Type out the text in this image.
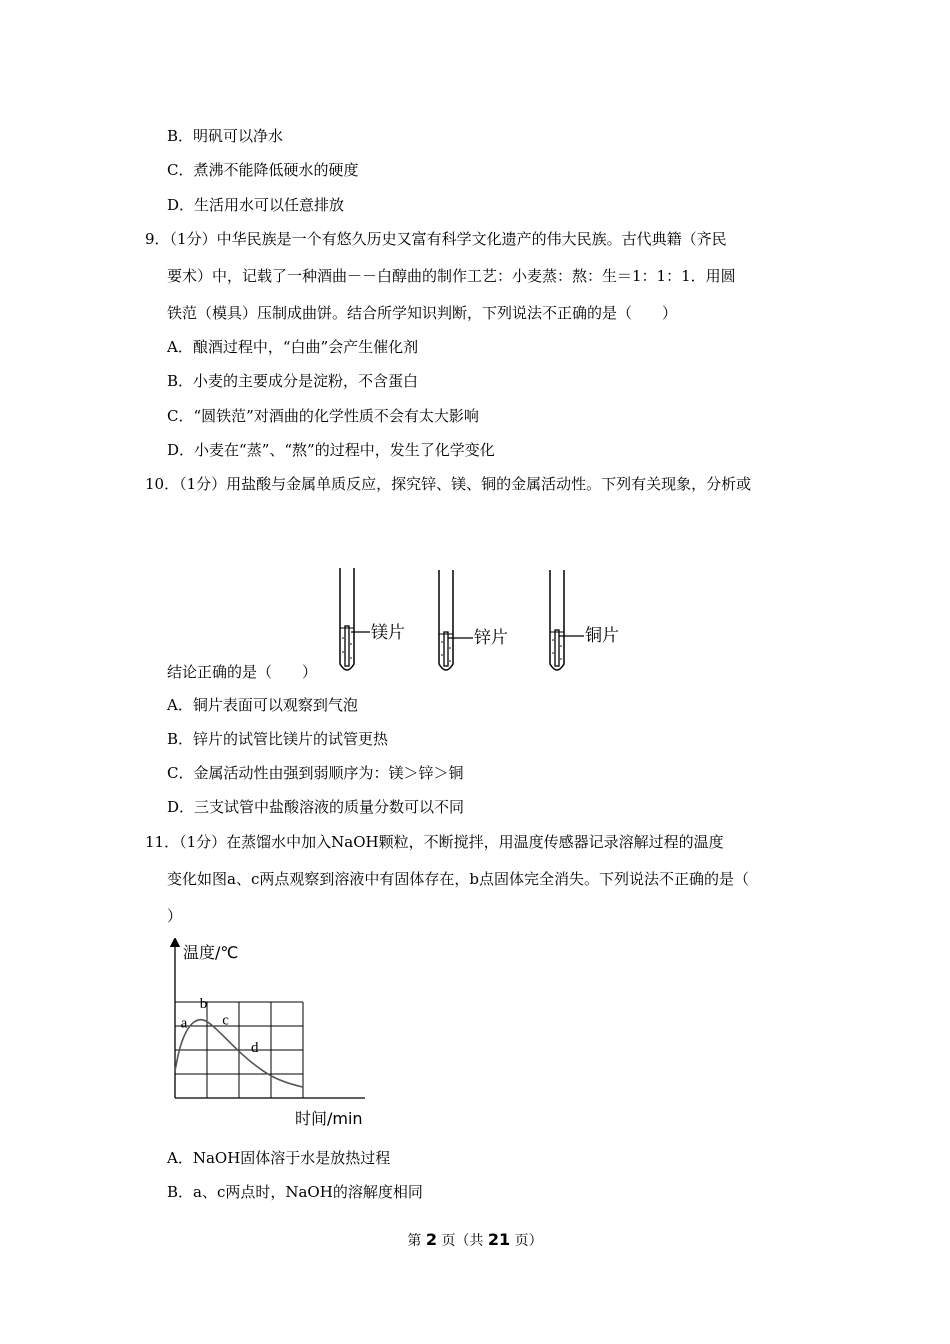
B．明矾可以净水
C．煮沸不能降低硬水的硬度
D．生活用水可以任意排放
9．（1分）中华民族是一个有悠久历史又富有科学文化遗产的伟大民族。古代典籍（齐民
要术）中，记载了一种酒曲－－白醇曲的制作工艺：小麦蒸：熬：生＝1：1：1．用圆
铁范（模具）压制成曲饼。结合所学知识判断，下列说法不正确的是（　　）
A．酿酒过程中，“白曲”会产生催化剂
B．小麦的主要成分是淀粉，不含蛋白
C．“圆铁范”对酒曲的化学性质不会有太大影响
D．小麦在“蒸”、“熬”的过程中，发生了化学变化
10．（1分）用盐酸与金属单质反应，探究锌、镁、铜的金属活动性。下列有关现象，分析或
镁片	锌片	铜片
结论正确的是（　　）
A．铜片表面可以观察到气泡
B．锌片的试管比镁片的试管更热
C．金属活动性由强到弱顺序为：镁＞锌＞铜
D．三支试管中盐酸溶液的质量分数可以不同
11．（1分）在蒸馏水中加入NaOH颗粒，不断搅拌，用温度传感器记录溶解过程的温度
变化如图a、c两点观察到溶液中有固体存在，b点固体完全消失。下列说法不正确的是（
）
a
b
c
d
温度/℃
时间/min
A．NaOH固体溶于水是放热过程
B．a、c两点时，NaOH的溶解度相同
第 2 页（共 21 页）
